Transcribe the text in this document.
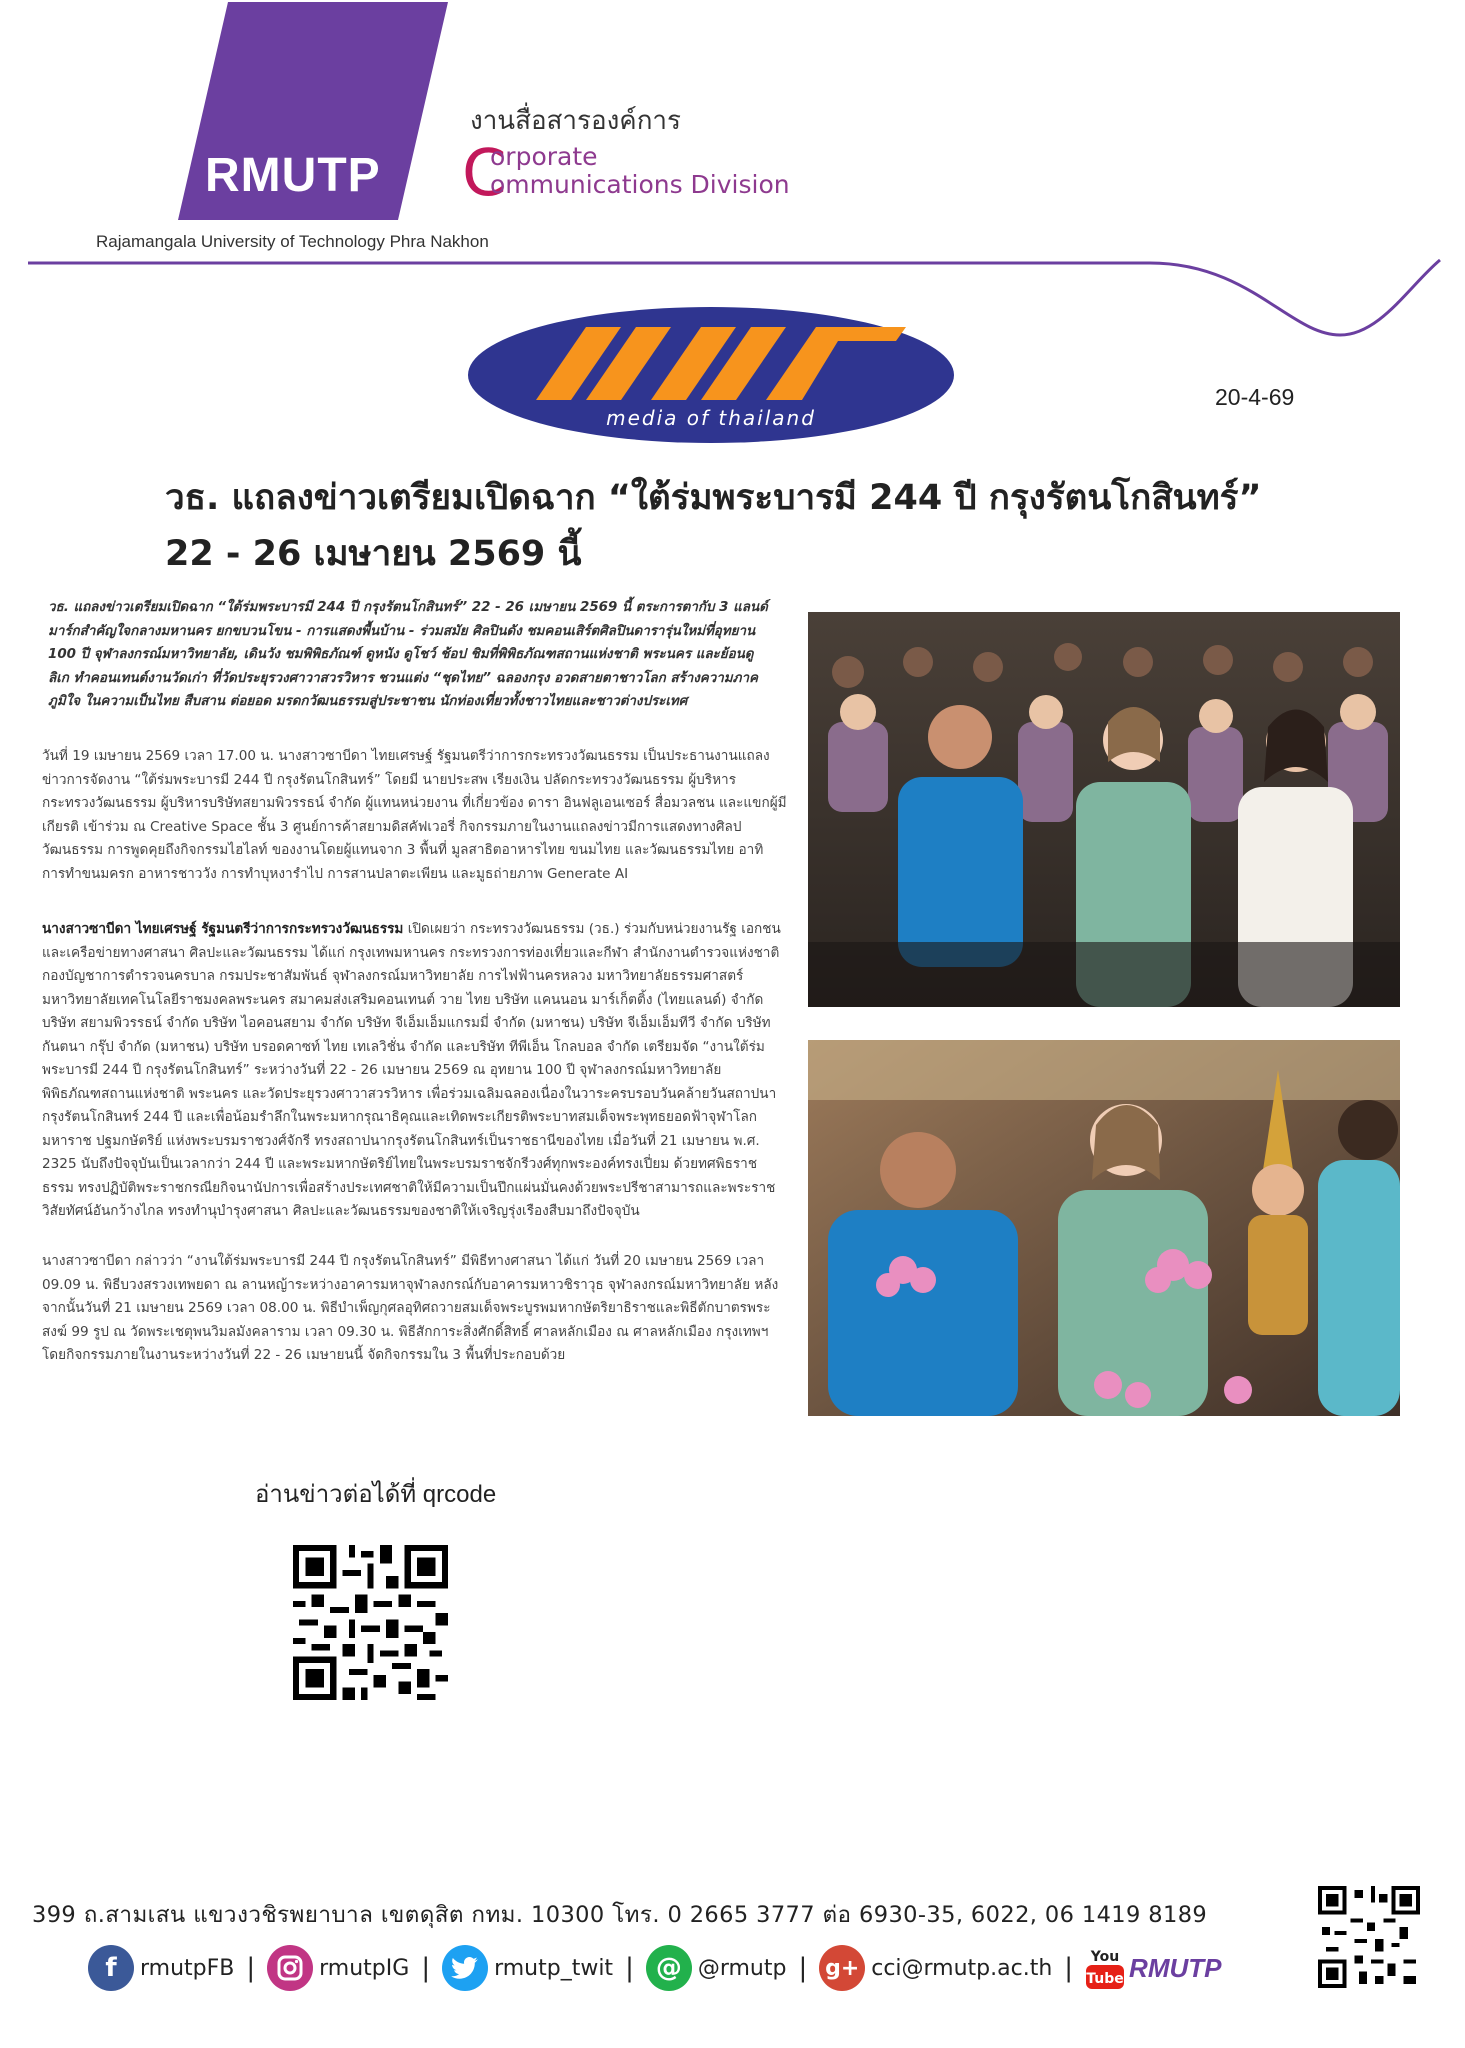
RMUTP
งานสื่อสารองค์การ
C
orporate
ommunications Division
Rajamangala University of Technology Phra Nakhon
media of thailand
20-4-69
วธ. แถลงข่าวเตรียมเปิดฉาก “ใต้ร่มพระบารมี 244 ปี กรุงรัตนโกสินทร์” 22 - 26 เมษายน 2569 นี้
วธ. แถลงข่าวเตรียมเปิดฉาก “ใต้ร่มพระบารมี 244 ปี กรุงรัตนโกสินทร์” 22 - 26 เมษายน 2569 นี้ ตระการตากับ 3 แลนด์มาร์กสำคัญใจกลางมหานคร ยกขบวนโขน - การแสดงพื้นบ้าน - ร่วมสมัย ศิลปินดัง ชมคอนเสิร์ตศิลปินดารารุ่นใหม่ที่อุทยาน 100 ปี จุฬาลงกรณ์มหาวิทยาลัย, เดินวัง ชมพิพิธภัณฑ์ ดูหนัง ดูโชว์ ช้อป ชิมที่พิพิธภัณฑสถานแห่งชาติ พระนคร และย้อนดูลิเก ทำคอนเทนต์งานวัดเก่า ที่วัดประยุรวงศาวาสวรวิหาร ชวนแต่ง “ชุดไทย” ฉลองกรุง อวดสายตาชาวโลก สร้างความภาคภูมิใจ ในความเป็นไทย สืบสาน ต่อยอด มรดกวัฒนธรรมสู่ประชาชน นักท่องเที่ยวทั้งชาวไทยและชาวต่างประเทศ
วันที่ 19 เมษายน 2569 เวลา 17.00 น. นางสาวซาบีดา ไทยเศรษฐ์ รัฐมนตรีว่าการกระทรวงวัฒนธรรม เป็นประธานงานแถลงข่าวการจัดงาน “ใต้ร่มพระบารมี 244 ปี กรุงรัตนโกสินทร์” โดยมี นายประสพ เรียงเงิน ปลัดกระทรวงวัฒนธรรม ผู้บริหารกระทรวงวัฒนธรรม ผู้บริหารบริษัทสยามพิวรรธน์ จำกัด ผู้แทนหน่วยงาน ที่เกี่ยวข้อง ดารา อินฟลูเอนเซอร์ สื่อมวลชน และแขกผู้มีเกียรติ เข้าร่วม ณ Creative Space ชั้น 3 ศูนย์การค้าสยามดิสคัฟเวอรี่ กิจกรรมภายในงานแถลงข่าวมีการแสดงทางศิลปวัฒนธรรม การพูดคุยถึงกิจกรรมไฮไลท์ ของงานโดยผู้แทนจาก 3 พื้นที่ มูลสาธิตอาหารไทย ขนมไทย และวัฒนธรรมไทย อาทิ การทำขนมครก อาหารชาววัง การทำบุหงารำไป การสานปลาตะเพียน และมูธถ่ายภาพ Generate AI
นางสาวซาบีดา ไทยเศรษฐ์ รัฐมนตรีว่าการกระทรวงวัฒนธรรม เปิดเผยว่า กระทรวงวัฒนธรรม (วธ.) ร่วมกับหน่วยงานรัฐ เอกชนและเครือข่ายทางศาสนา ศิลปะและวัฒนธรรม ได้แก่ กรุงเทพมหานคร กระทรวงการท่องเที่ยวและกีฬา สำนักงานตำรวจแห่งชาติ กองบัญชาการตำรวจนครบาล กรมประชาสัมพันธ์ จุฬาลงกรณ์มหาวิทยาลัย การไฟฟ้านครหลวง มหาวิทยาลัยธรรมศาสตร์ มหาวิทยาลัยเทคโนโลยีราชมงคลพระนคร สมาคมส่งเสริมคอนเทนต์ วาย ไทย บริษัท แคนนอน มาร์เก็ตติ้ง (ไทยแลนด์) จำกัด บริษัท สยามพิวรรธน์ จำกัด บริษัท ไอคอนสยาม จำกัด บริษัท จีเอ็มเอ็มแกรมมี่ จำกัด (มหาชน) บริษัท จีเอ็มเอ็มทีวี จำกัด บริษัท กันตนา กรุ๊ป จำกัด (มหาชน) บริษัท บรอดคาซท์ ไทย เทเลวิชั่น จำกัด และบริษัท ทีพีเอ็น โกลบอล จำกัด เตรียมจัด “งานใต้ร่มพระบารมี 244 ปี กรุงรัตนโกสินทร์” ระหว่างวันที่ 22 - 26 เมษายน 2569 ณ อุทยาน 100 ปี จุฬาลงกรณ์มหาวิทยาลัย พิพิธภัณฑสถานแห่งชาติ พระนคร และวัดประยุรวงศาวาสวรวิหาร เพื่อร่วมเฉลิมฉลองเนื่องในวาระครบรอบวันคล้ายวันสถาปนากรุงรัตนโกสินทร์ 244 ปี และเพื่อน้อมรำลึกในพระมหากรุณาธิคุณและเทิดพระเกียรติพระบาทสมเด็จพระพุทธยอดฟ้าจุฬาโลกมหาราช ปฐมกษัตริย์ แห่งพระบรมราชวงศ์จักรี ทรงสถาปนากรุงรัตนโกสินทร์เป็นราชธานีของไทย เมื่อวันที่ 21 เมษายน พ.ศ. 2325 นับถึงปัจจุบันเป็นเวลากว่า 244 ปี และพระมหากษัตริย์ไทยในพระบรมราชจักรีวงศ์ทุกพระองค์ทรงเปี่ยม ด้วยทศพิธราชธรรม ทรงปฏิบัติพระราชกรณียกิจนานัปการเพื่อสร้างประเทศชาติให้มีความเป็นปึกแผ่นมั่นคงด้วยพระปรีชาสามารถและพระราชวิสัยทัศน์อันกว้างไกล ทรงทำนุบำรุงศาสนา ศิลปะและวัฒนธรรมของชาติให้เจริญรุ่งเรืองสืบมาถึงปัจจุบัน
นางสาวซาบีดา กล่าวว่า “งานใต้ร่มพระบารมี 244 ปี กรุงรัตนโกสินทร์” มีพิธีทางศาสนา ได้แก่ วันที่ 20 เมษายน 2569 เวลา 09.09 น. พิธีบวงสรวงเทพยดา ณ ลานหญ้าระหว่างอาคารมหาจุฬาลงกรณ์กับอาคารมหาวชิราวุธ จุฬาลงกรณ์มหาวิทยาลัย หลังจากนั้นวันที่ 21 เมษายน 2569 เวลา 08.00 น. พิธีบำเพ็ญกุศลอุทิศถวายสมเด็จพระบูรพมหากษัตริยาธิราชและพิธีตักบาตรพระสงฆ์ 99 รูป ณ วัดพระเชตุพนวิมลมังคลาราม เวลา 09.30 น. พิธีสักการะสิ่งศักดิ์สิทธิ์ ศาลหลักเมือง ณ ศาลหลักเมือง กรุงเทพฯ โดยกิจกรรมภายในงานระหว่างวันที่ 22 - 26 เมษายนนี้ จัดกิจกรรมใน 3 พื้นที่ประกอบด้วย
อ่านข่าวต่อได้ที่ qrcode
399 ถ.สามเสน แขวงวชิรพยาบาล เขตดุสิต กทม. 10300 โทร. 0 2665 3777 ต่อ 6930-35, 6022, 06 1419 8189
f	rmutpFB |	rmutpIG |	rmutp_twit | @ @rmutp | g+ cci@rmutp.ac.th | You
Tube RMUTP
